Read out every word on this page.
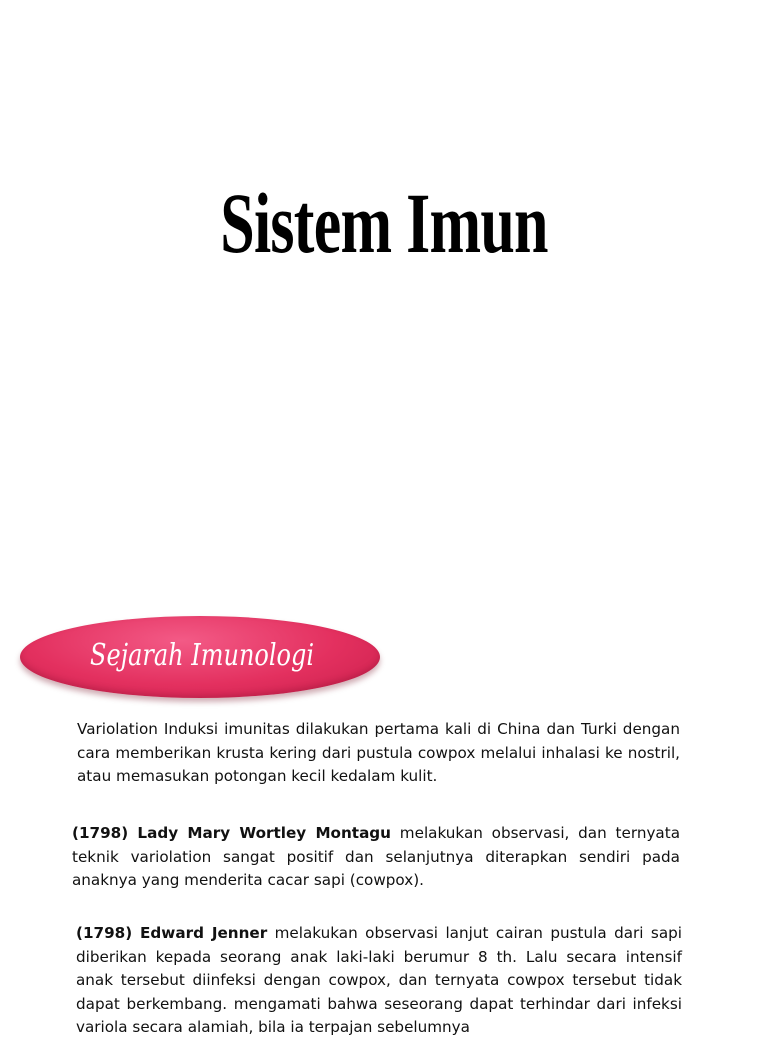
Sistem Imun
Sejarah Imunologi

Variolation Induksi imunitas dilakukan pertama kali di China dan Turki dengan cara memberikan krusta kering dari pustula cowpox melalui inhalasi ke nostril, atau memasukan potongan kecil kedalam kulit.

(1798) Lady Mary Wortley Montagu melakukan observasi, dan ternyata teknik variolation sangat positif dan selanjutnya diterapkan sendiri pada anaknya yang menderita cacar sapi (cowpox).

(1798) Edward Jenner melakukan observasi lanjut cairan pustula dari sapi diberikan kepada seorang anak laki-laki berumur 8 th. Lalu secara intensif anak tersebut diinfeksi dengan cowpox, dan ternyata cowpox tersebut tidak dapat berkembang. mengamati bahwa seseorang dapat terhindar dari infeksi variola secara alamiah, bila ia terpajan sebelumnya
